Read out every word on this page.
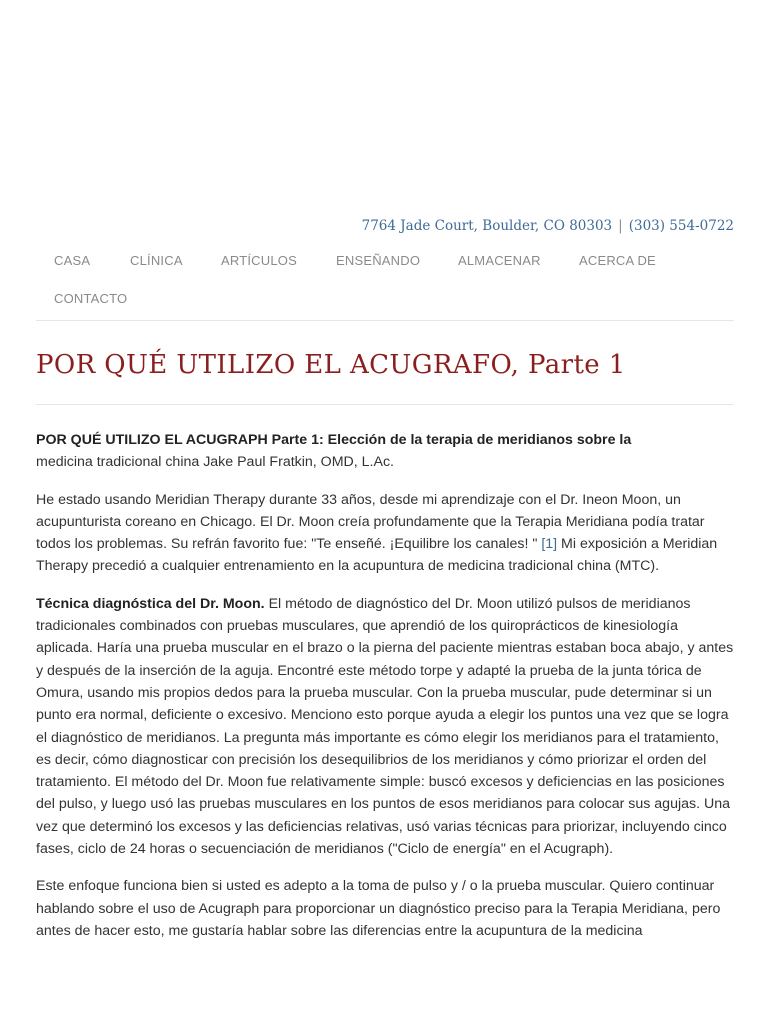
7764 Jade Court, Boulder, CO 80303 | (303) 554-0722
CASA	CLÍNICA	ARTÍCULOS	ENSEÑANDO	ALMACENAR	ACERCA DE
CONTACTO
POR QUÉ UTILIZO EL ACUGRAFO, Parte 1

POR QUÉ UTILIZO EL ACUGRAPH Parte 1: Elección de la terapia de meridianos sobre la
medicina tradicional china Jake Paul Fratkin, OMD, L.Ac.

He estado usando Meridian Therapy durante 33 años, desde mi aprendizaje con el Dr. Ineon Moon, un acupunturista coreano en Chicago. El Dr. Moon creía profundamente que la Terapia Meridiana podía tratar todos los problemas. Su refrán favorito fue: "Te enseñé. ¡Equilibre los canales! " [1] Mi exposición a Meridian Therapy precedió a cualquier entrenamiento en la acupuntura de medicina tradicional china (MTC).

Técnica diagnóstica del Dr. Moon. El método de diagnóstico del Dr. Moon utilizó pulsos de meridianos tradicionales combinados con pruebas musculares, que aprendió de los quiroprácticos de kinesiología aplicada. Haría una prueba muscular en el brazo o la pierna del paciente mientras estaban boca abajo, y antes y después de la inserción de la aguja. Encontré este método torpe y adapté la prueba de la junta tórica de Omura, usando mis propios dedos para la prueba muscular. Con la prueba muscular, pude determinar si un punto era normal, deficiente o excesivo. Menciono esto porque ayuda a elegir los puntos una vez que se logra el diagnóstico de meridianos. La pregunta más importante es cómo elegir los meridianos para el tratamiento, es decir, cómo diagnosticar con precisión los desequilibrios de los meridianos y cómo priorizar el orden del tratamiento. El método del Dr. Moon fue relativamente simple: buscó excesos y deficiencias en las posiciones del pulso, y luego usó las pruebas musculares en los puntos de esos meridianos para colocar sus agujas. Una vez que determinó los excesos y las deficiencias relativas, usó varias técnicas para priorizar, incluyendo cinco fases, ciclo de 24 horas o secuenciación de meridianos ("Ciclo de energía" en el Acugraph).

Este enfoque funciona bien si usted es adepto a la toma de pulso y / o la prueba muscular. Quiero continuar hablando sobre el uso de Acugraph para proporcionar un diagnóstico preciso para la Terapia Meridiana, pero antes de hacer esto, me gustaría hablar sobre las diferencias entre la acupuntura de la medicina
